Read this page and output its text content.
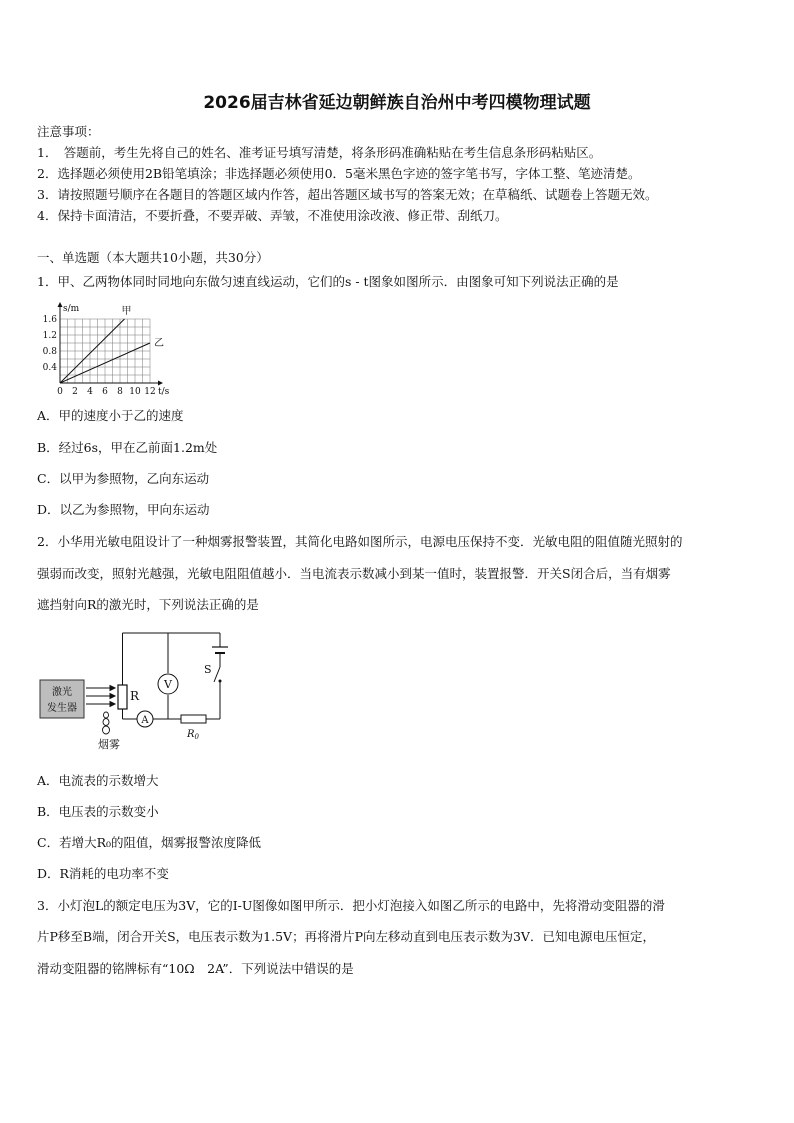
2026届吉林省延边朝鲜族自治州中考四模物理试题
注意事项：
1．　答题前，考生先将自己的姓名、准考证号填写清楚，将条形码准确粘贴在考生信息条形码粘贴区。
2．选择题必须使用2B铅笔填涂；非选择题必须使用0．5毫米黑色字迹的签字笔书写，字体工整、笔迹清楚。
3．请按照题号顺序在各题目的答题区域内作答，超出答题区域书写的答案无效；在草稿纸、试题卷上答题无效。
4．保持卡面清洁，不要折叠，不要弄破、弄皱，不准使用涂改液、修正带、刮纸刀。
一、单选题（本大题共10小题，共30分）
1．甲、乙两物体同时同地向东做匀速直线运动，它们的s - t图象如图所示．由图象可知下列说法正确的是
0 2 4 6 8 10 12
0.4
0.8
1.2
1.6
t/s
s/m	甲
乙
A．甲的速度小于乙的速度
B．经过6s，甲在乙前面1.2m处
C．以甲为参照物，乙向东运动
D．以乙为参照物，甲向东运动
2．小华用光敏电阻设计了一种烟雾报警装置，其简化电路如图所示，电源电压保持不变．光敏电阻的阻值随光照射的
强弱而改变，照射光越强，光敏电阻阻值越小．当电流表示数减小到某一值时，装置报警．开关S闭合后，当有烟雾
遮挡射向R的激光时，下列说法正确的是
激光
发生器
R
S
V
A
$R_0$
烟雾
A．电流表的示数增大
B．电压表的示数变小
C．若增大R₀的阻值，烟雾报警浓度降低
D．R消耗的电功率不变
3．小灯泡L的额定电压为3V，它的I-U图像如图甲所示．把小灯泡接入如图乙所示的电路中，先将滑动变阻器的滑
片P移至B端，闭合开关S，电压表示数为1.5V；再将滑片P向左移动直到电压表示数为3V．已知电源电压恒定，
滑动变阻器的铭牌标有“10Ω　2A”．下列说法中错误的是
